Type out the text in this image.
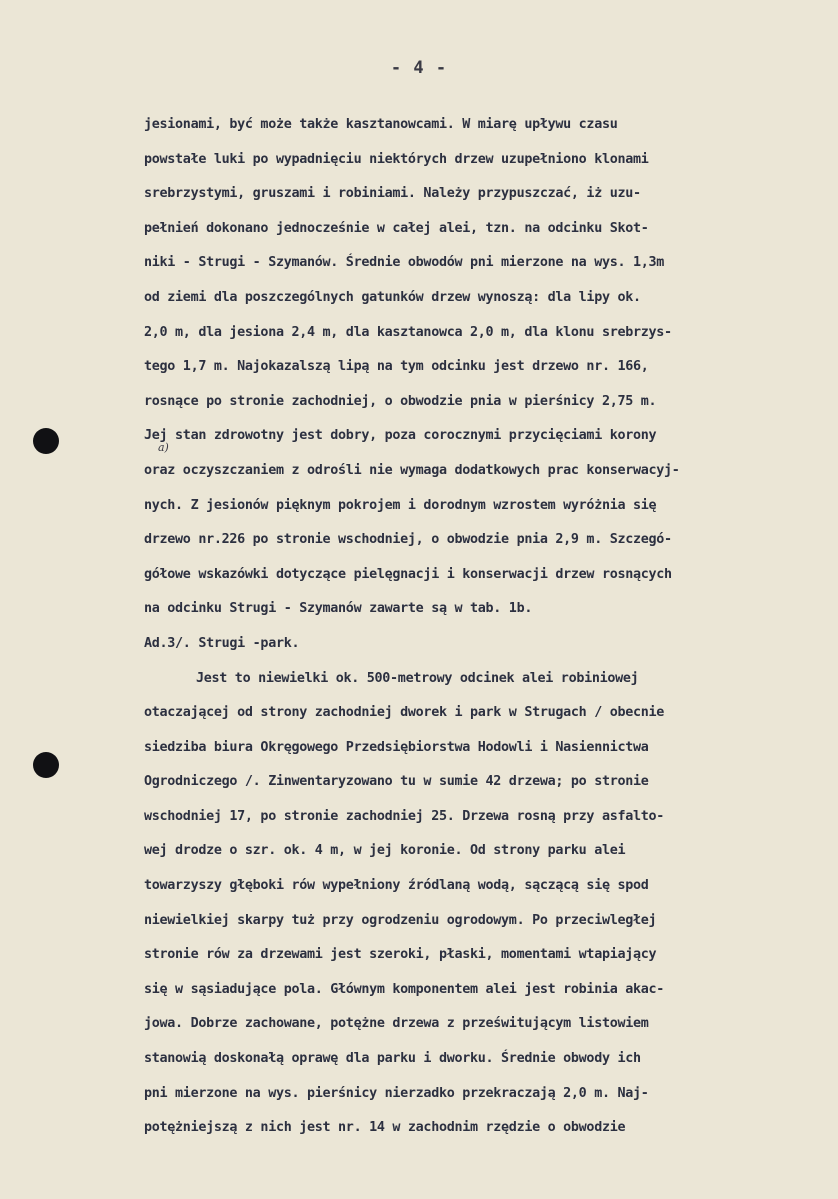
- 4 -
a)
jesionami, być może także kasztanowcami. W miarę upływu czasu
powstałe luki po wypadnięciu niektórych drzew uzupełniono klonami
srebrzystymi, gruszami i robiniami. Należy przypuszczać, iż uzu-
pełnień dokonano jednocześnie w całej alei, tzn. na odcinku Skot-
niki - Strugi - Szymanów. Średnie obwodów pni mierzone na wys. 1,3m
od ziemi dla poszczególnych gatunków drzew wynoszą: dla lipy ok.
2,0 m, dla jesiona 2,4 m, dla kasztanowca 2,0 m, dla klonu srebrzys-
tego 1,7 m. Najokazalszą lipą na tym odcinku jest drzewo nr. 166,
rosnące po stronie zachodniej, o obwodzie pnia w pierśnicy 2,75 m.
Jej stan zdrowotny jest dobry, poza corocznymi przycięciami korony
oraz oczyszczaniem z odrośli nie wymaga dodatkowych prac konserwacyj-
nych. Z jesionów pięknym pokrojem i dorodnym wzrostem wyróżnia się
drzewo nr.226 po stronie wschodniej, o obwodzie pnia 2,9 m. Szczegó-
gółowe wskazówki dotyczące pielęgnacji i konserwacji drzew rosnących
na odcinku Strugi - Szymanów zawarte są w tab. 1b.
Ad.3/. Strugi -park.
Jest to niewielki ok. 500-metrowy odcinek alei robiniowej
otaczającej od strony zachodniej dworek i park w Strugach / obecnie
siedziba biura Okręgowego Przedsiębiorstwa Hodowli i Nasiennictwa
Ogrodniczego /. Zinwentaryzowano tu w sumie 42 drzewa; po stronie
wschodniej 17, po stronie zachodniej 25. Drzewa rosną przy asfalto-
wej drodze o szr. ok. 4 m, w jej koronie. Od strony parku alei
towarzyszy głęboki rów wypełniony źródlaną wodą, sączącą się spod
niewielkiej skarpy tuż przy ogrodzeniu ogrodowym. Po przeciwległej
stronie rów za drzewami jest szeroki, płaski, momentami wtapiający
się w sąsiadujące pola. Głównym komponentem alei jest robinia akac-
jowa. Dobrze zachowane, potężne drzewa z prześwitującym listowiem
stanowią doskonałą oprawę dla parku i dworku. Średnie obwody ich
pni mierzone na wys. pierśnicy nierzadko przekraczają 2,0 m. Naj-
potężniejszą z nich jest nr. 14 w zachodnim rzędzie o obwodzie
